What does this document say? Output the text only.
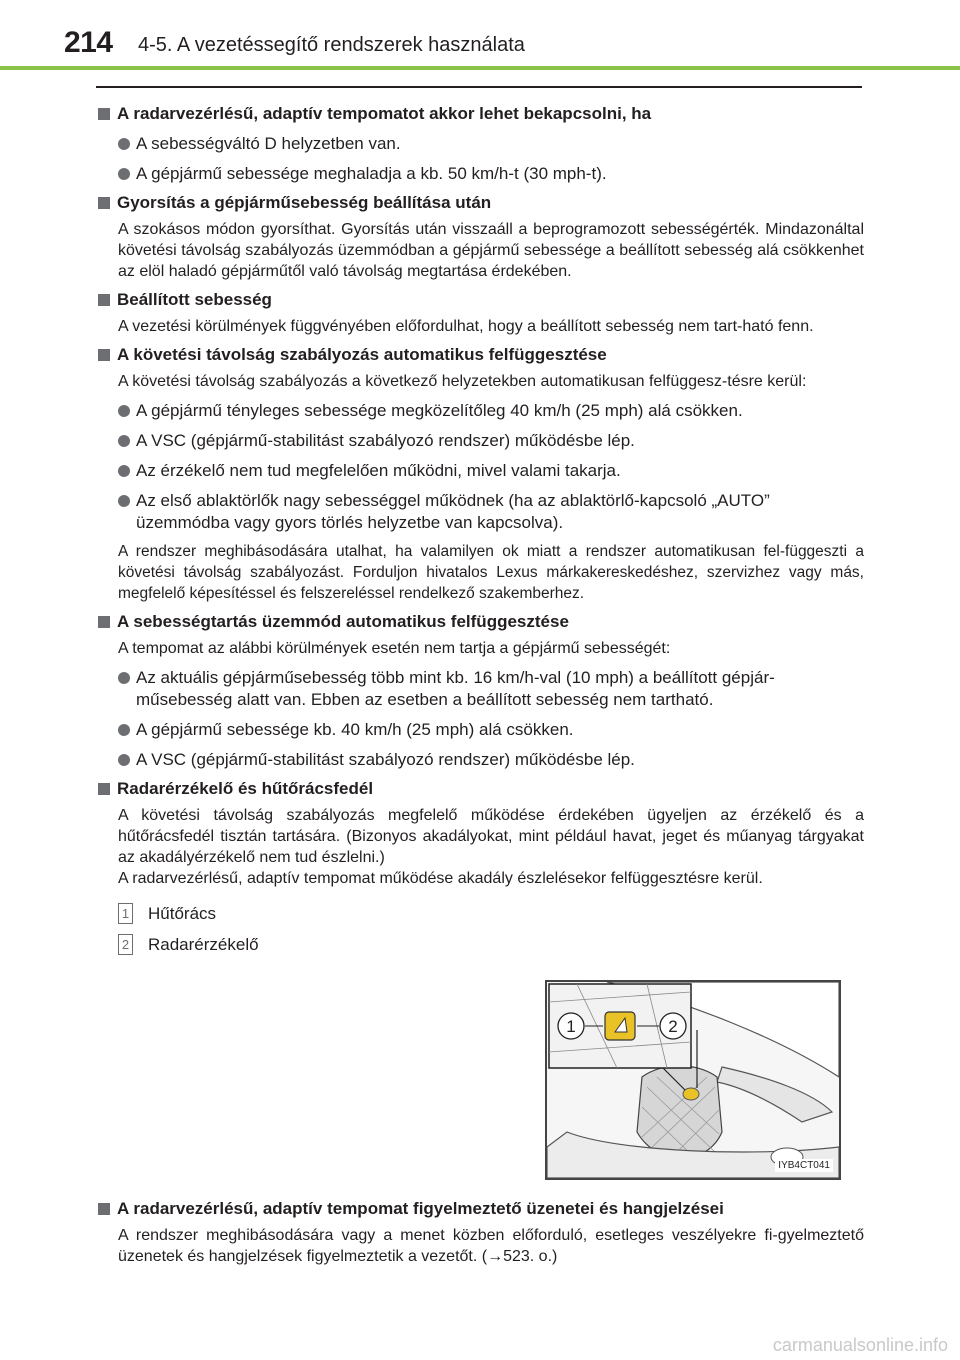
214 4-5. A vezetéssegítő rendszerek használata
A radarvezérlésű, adaptív tempomatot akkor lehet bekapcsolni, ha
A sebességváltó D helyzetben van.
A gépjármű sebessége meghaladja a kb. 50 km/h-t (30 mph-t).
Gyorsítás a gépjárműsebesség beállítása után
A szokásos módon gyorsíthat. Gyorsítás után visszaáll a beprogramozott sebességérték. Mindazonáltal követési távolság szabályozás üzemmódban a gépjármű sebessége a beállított sebesség alá csökkenhet az elöl haladó gépjárműtől való távolság megtartása érdekében.
Beállított sebesség
A vezetési körülmények függvényében előfordulhat, hogy a beállított sebesség nem tart-ható fenn.
A követési távolság szabályozás automatikus felfüggesztése
A követési távolság szabályozás a következő helyzetekben automatikusan felfüggesz-tésre kerül:
A gépjármű tényleges sebessége megközelítőleg 40 km/h (25 mph) alá csökken.
A VSC (gépjármű-stabilitást szabályozó rendszer) működésbe lép.
Az érzékelő nem tud megfelelően működni, mivel valami takarja.
Az első ablaktörlők nagy sebességgel működnek (ha az ablaktörlő-kapcsoló „AUTO” üzemmódba vagy gyors törlés helyzetbe van kapcsolva).
A rendszer meghibásodására utalhat, ha valamilyen ok miatt a rendszer automatikusan fel-függeszti a követési távolság szabályozást. Forduljon hivatalos Lexus márkakereskedéshez, szervizhez vagy más, megfelelő képesítéssel és felszereléssel rendelkező szakemberhez.
A sebességtartás üzemmód automatikus felfüggesztése
A tempomat az alábbi körülmények esetén nem tartja a gépjármű sebességét:
Az aktuális gépjárműsebesség több mint kb. 16 km/h-val (10 mph) a beállított gépjár-műsebesség alatt van. Ebben az esetben a beállított sebesség nem tartható.
A gépjármű sebessége kb. 40 km/h (25 mph) alá csökken.
A VSC (gépjármű-stabilitást szabályozó rendszer) működésbe lép.
Radarérzékelő és hűtőrácsfedél
A követési távolság szabályozás megfelelő működése érdekében ügyeljen az érzékelő és a hűtőrácsfedél tisztán tartására. (Bizonyos akadályokat, mint például havat, jeget és műanyag tárgyakat az akadályérzékelő nem tud észlelni.)
A radarvezérlésű, adaptív tempomat működése akadály észlelésekor felfüggesztésre kerül.
1 Hűtőrács
2 Radarérzékelő
1	2
IYB4CT041
A radarvezérlésű, adaptív tempomat figyelmeztető üzenetei és hangjelzései
A rendszer meghibásodására vagy a menet közben előforduló, esetleges veszélyekre fi-gyelmeztető üzenetek és hangjelzések figyelmeztetik a vezetőt. (→523. o.)
carmanualsonline.info
